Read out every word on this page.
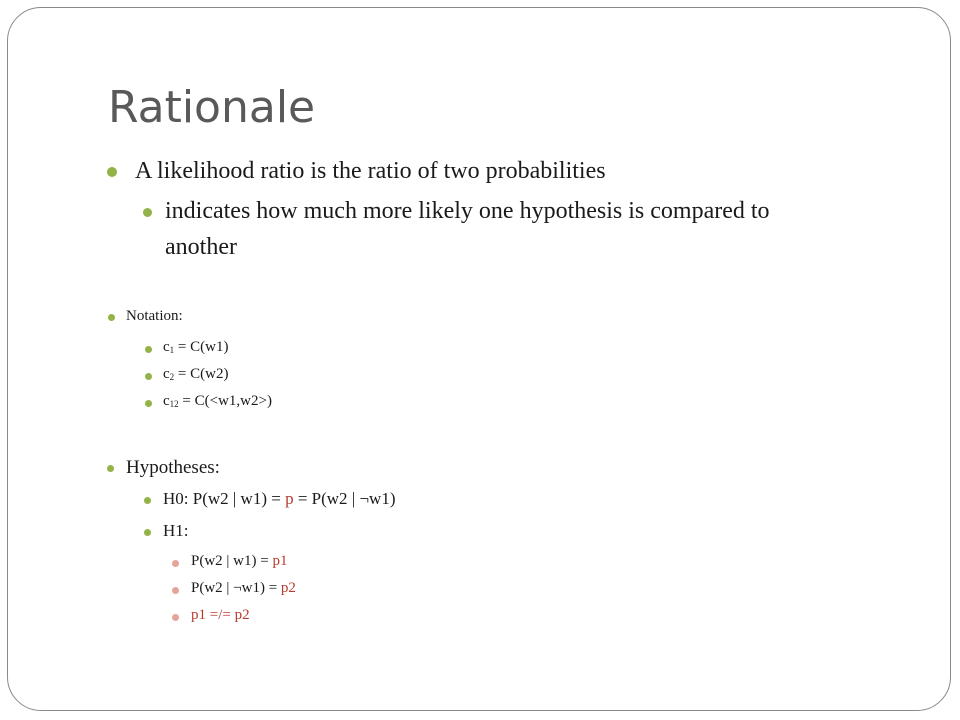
Rationale
A likelihood ratio is the ratio of two probabilities
indicates how much more likely one hypothesis is compared to
another
Notation:
$c_1 = C(w1)$
$c_2 = C(w2)$
$c_{12} = C(<w1,w2>)$
Hypotheses:
H0: P(w2 | w1) = p = P(w2 | ¬w1)
H1:
P(w2 | w1) = p1
P(w2 | ¬w1) = p2
p1 =/= p2
